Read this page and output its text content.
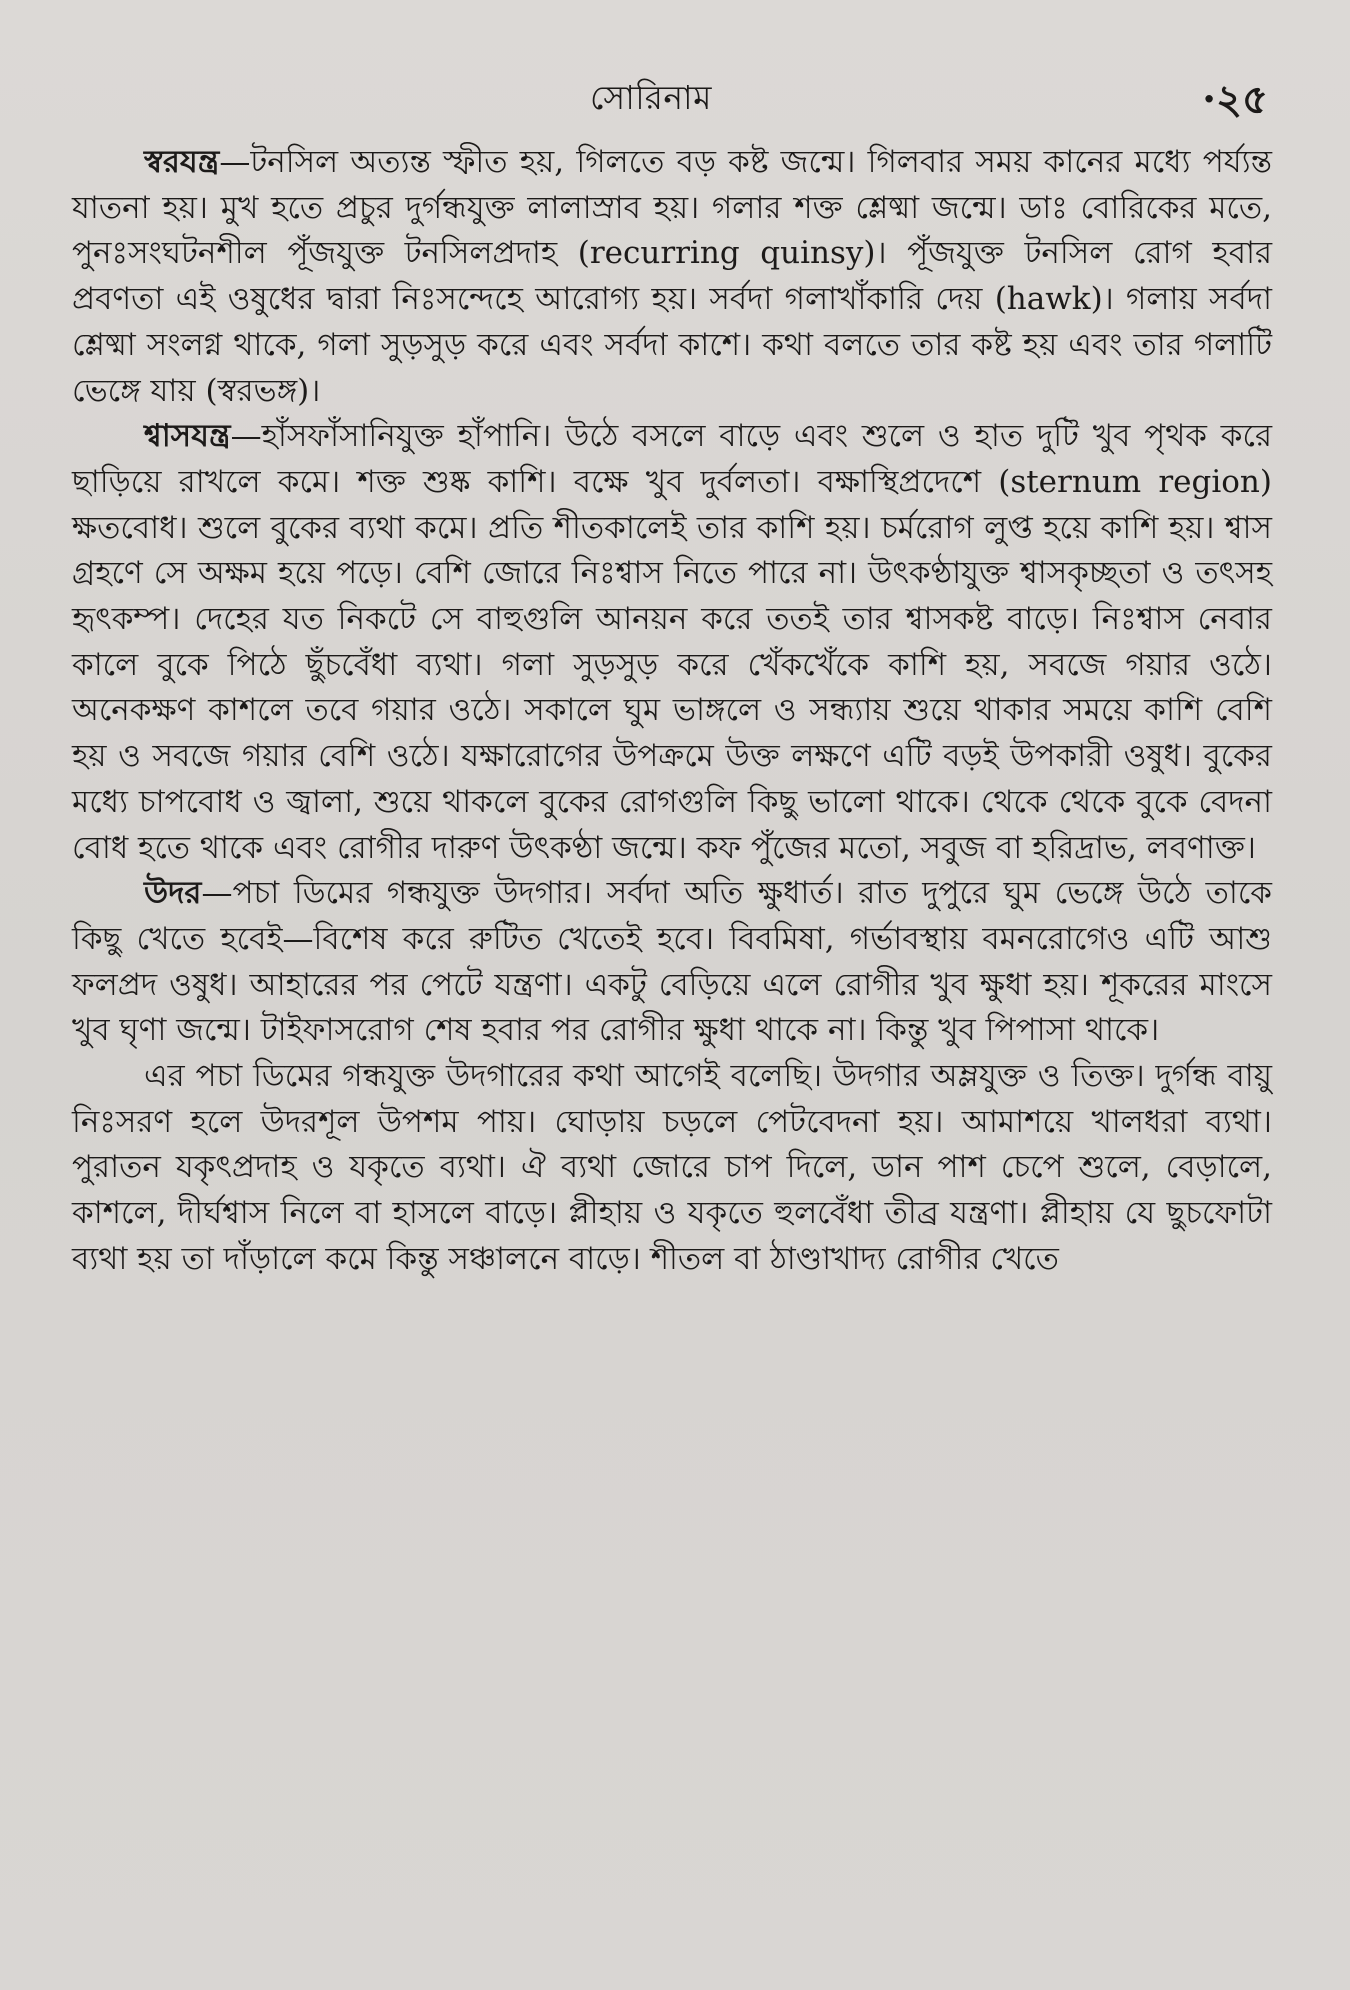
সোরিনাম	·২৫

স্বরযন্ত্র—টনসিল অত্যন্ত স্ফীত হয়, গিলতে বড় কষ্ট জন্মে। গিলবার সময় কানের মধ্যে পর্য্যন্ত যাতনা হয়। মুখ হতে প্রচুর দুর্গন্ধযুক্ত লালাস্রাব হয়। গলার শক্ত শ্লেষ্মা জন্মে। ডাঃ বোরিকের মতে, পুনঃসংঘটনশীল পূঁজযুক্ত টনসিলপ্রদাহ (recurring quinsy)। পূঁজযুক্ত টনসিল রোগ হবার প্রবণতা এই ওষুধের দ্বারা নিঃসন্দেহে আরোগ্য হয়। সর্বদা গলাখাঁকারি দেয় (hawk)। গলায় সর্বদা শ্লেষ্মা সংলগ্ন থাকে, গলা সুড়সুড় করে এবং সর্বদা কাশে। কথা বলতে তার কষ্ট হয় এবং তার গলাটি ভেঙ্গে যায় (স্বরভঙ্গ)।

শ্বাসযন্ত্র—হাঁসফাঁসানিযুক্ত হাঁপানি। উঠে বসলে বাড়ে এবং শুলে ও হাত দুটি খুব পৃথক করে ছাড়িয়ে রাখলে কমে। শক্ত শুষ্ক কাশি। বক্ষে খুব দুর্বলতা। বক্ষাস্থিপ্রদেশে (sternum region) ক্ষতবোধ। শুলে বুকের ব্যথা কমে। প্রতি শীতকালেই তার কাশি হয়। চর্মরোগ লুপ্ত হয়ে কাশি হয়। শ্বাস গ্রহণে সে অক্ষম হয়ে পড়ে। বেশি জোরে নিঃশ্বাস নিতে পারে না। উৎকণ্ঠাযুক্ত শ্বাসকৃচ্ছতা ও তৎসহ হৃৎকম্প। দেহের যত নিকটে সে বাহুগুলি আনয়ন করে ততই তার শ্বাসকষ্ট বাড়ে। নিঃশ্বাস নেবার কালে বুকে পিঠে ছুঁচবেঁধা ব্যথা। গলা সুড়সুড় করে খেঁকখেঁকে কাশি হয়, সবজে গয়ার ওঠে। অনেকক্ষণ কাশলে তবে গয়ার ওঠে। সকালে ঘুম ভাঙ্গলে ও সন্ধ্যায় শুয়ে থাকার সময়ে কাশি বেশি হয় ও সবজে গয়ার বেশি ওঠে। যক্ষারোগের উপক্রমে উক্ত লক্ষণে এটি বড়ই উপকারী ওষুধ। বুকের মধ্যে চাপবোধ ও জ্বালা, শুয়ে থাকলে বুকের রোগগুলি কিছু ভালো থাকে। থেকে থেকে বুকে বেদনা বোধ হতে থাকে এবং রোগীর দারুণ উৎকণ্ঠা জন্মে। কফ পুঁজের মতো, সবুজ বা হরিদ্রাভ, লবণাক্ত।

উদর—পচা ডিমের গন্ধযুক্ত উদগার। সর্বদা অতি ক্ষুধার্ত। রাত দুপুরে ঘুম ভেঙ্গে উঠে তাকে কিছু খেতে হবেই—বিশেষ করে রুটিত খেতেই হবে। বিবমিষা, গর্ভাবস্থায় বমনরোগেও এটি আশু ফলপ্রদ ওষুধ। আহারের পর পেটে যন্ত্রণা। একটু বেড়িয়ে এলে রোগীর খুব ক্ষুধা হয়। শূকরের মাংসে খুব ঘৃণা জন্মে। টাইফাসরোগ শেষ হবার পর রোগীর ক্ষুধা থাকে না। কিন্তু খুব পিপাসা থাকে।

এর পচা ডিমের গন্ধযুক্ত উদগারের কথা আগেই বলেছি। উদগার অম্লযুক্ত ও তিক্ত। দুর্গন্ধ বায়ু নিঃসরণ হলে উদরশূল উপশম পায়। ঘোড়ায় চড়লে পেটবেদনা হয়। আমাশয়ে খালধরা ব্যথা। পুরাতন যকৃৎপ্রদাহ ও যকৃতে ব্যথা। ঐ ব্যথা জোরে চাপ দিলে, ডান পাশ চেপে শুলে, বেড়ালে, কাশলে, দীর্ঘশ্বাস নিলে বা হাসলে বাড়ে। প্লীহায় ও যকৃতে হুলবেঁধা তীব্র যন্ত্রণা। প্লীহায় যে ছুচফোটা ব্যথা হয় তা দাঁড়ালে কমে কিন্তু সঞ্চালনে বাড়ে। শীতল বা ঠাণ্ডাখাদ্য রোগীর খেতে
